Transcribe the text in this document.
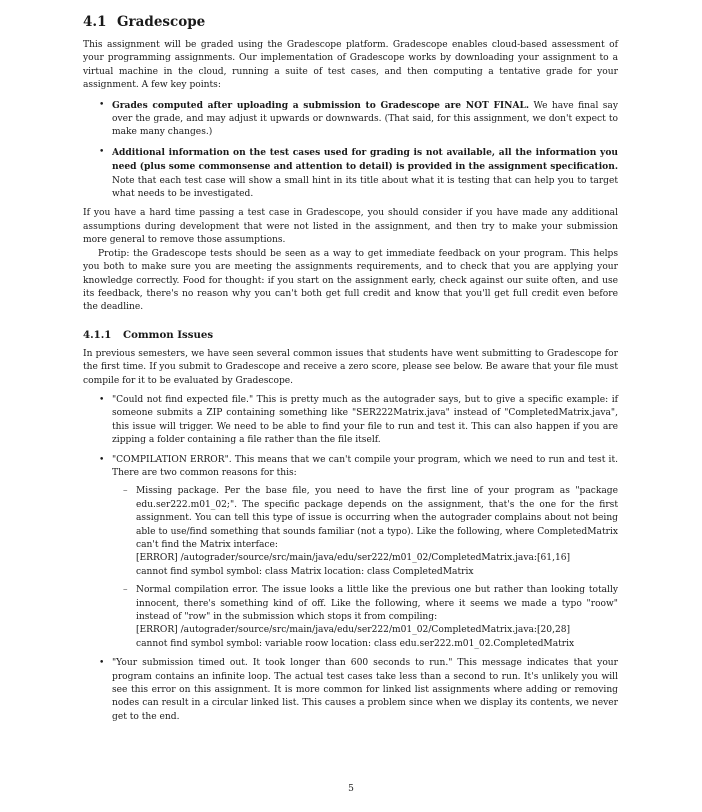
4.1 Gradescope

This assignment will be graded using the Gradescope platform. Gradescope enables cloud-based assessment of your programming assignments. Our implementation of Gradescope works by downloading your assignment to a virtual machine in the cloud, running a suite of test cases, and then computing a tentative grade for your assignment. A few key points:

• Grades computed after uploading a submission to Gradescope are NOT FINAL. We have final say over the grade, and may adjust it upwards or downwards. (That said, for this assignment, we don't expect to make many changes.)
• Additional information on the test cases used for grading is not available, all the information you need (plus some commonsense and attention to detail) is provided in the assignment specification. Note that each test case will show a small hint in its title about what it is testing that can help you to target what needs to be investigated.

If you have a hard time passing a test case in Gradescope, you should consider if you have made any additional assumptions during development that were not listed in the assignment, and then try to make your submission more general to remove those assumptions.

Protip: the Gradescope tests should be seen as a way to get immediate feedback on your program. This helps you both to make sure you are meeting the assignments requirements, and to check that you are applying your knowledge correctly. Food for thought: if you start on the assignment early, check against our suite often, and use its feedback, there's no reason why you can't both get full credit and know that you'll get full credit even before the deadline.

4.1.1 Common Issues

In previous semesters, we have seen several common issues that students have went submitting to Gradescope for the first time. If you submit to Gradescope and receive a zero score, please see below. Be aware that your file must compile for it to be evaluated by Gradescope.

• "Could not find expected file." This is pretty much as the autograder says, but to give a specific example: if someone submits a ZIP containing something like "SER222Matrix.java" instead of "CompletedMatrix.java", this issue will trigger. We need to be able to find your file to run and test it. This can also happen if you are zipping a folder containing a file rather than the file itself.
• "COMPILATION ERROR". This means that we can't compile your program, which we need to run and test it. There are two common reasons for this:
– Missing package. Per the base file, you need to have the first line of your program as "package edu.ser222.m01_02;". The specific package depends on the assignment, that's the one for the first assignment. You can tell this type of issue is occurring when the autograder complains about not being able to use/find something that sounds familiar (not a typo). Like the following, where CompletedMatrix can't find the Matrix interface:
[ERROR] /autograder/source/src/main/java/edu/ser222/m01_02/CompletedMatrix.java:[61,16]
cannot find symbol symbol: class Matrix location: class CompletedMatrix
– Normal compilation error. The issue looks a little like the previous one but rather than looking totally innocent, there's something kind of off. Like the following, where it seems we made a typo "roow" instead of "row" in the submission which stops it from compiling:
[ERROR] /autograder/source/src/main/java/edu/ser222/m01_02/CompletedMatrix.java:[20,28]
cannot find symbol symbol: variable roow location: class edu.ser222.m01_02.CompletedMatrix
• "Your submission timed out. It took longer than 600 seconds to run." This message indicates that your program contains an infinite loop. The actual test cases take less than a second to run. It's unlikely you will see this error on this assignment. It is more common for linked list assignments where adding or removing nodes can result in a circular linked list. This causes a problem since when we display its contents, we never get to the end.
5
